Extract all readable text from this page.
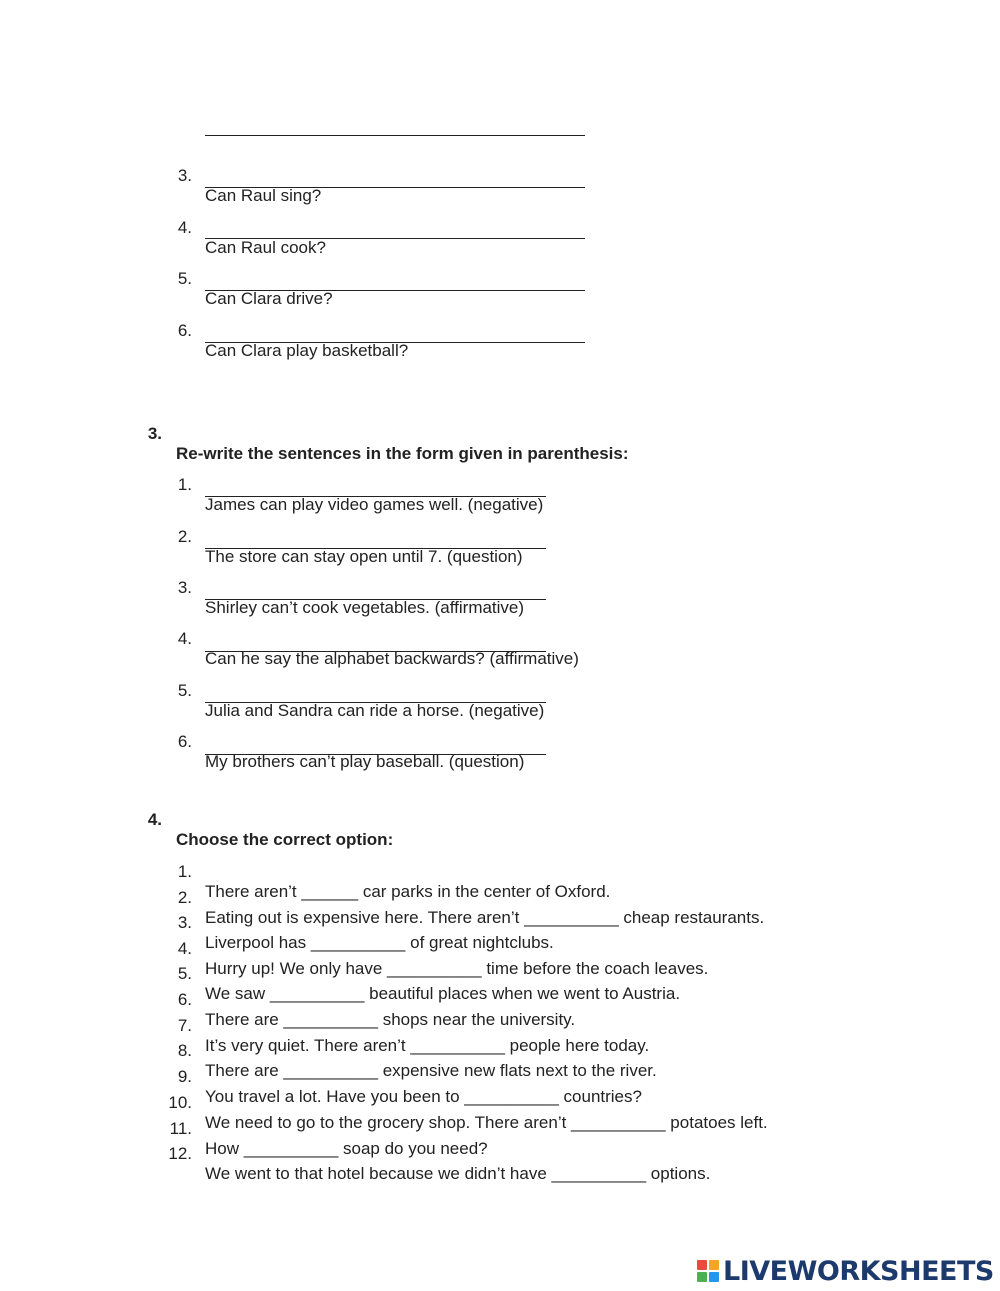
3.

Can Raul sing?

4.

Can Raul cook?

5.

Can Clara drive?

6.

Can Clara play basketball?

3.

Re-write the sentences in the form given in parenthesis:

1.

James can play video games well. (negative)

2.

The store can stay open until 7. (question)

3.

Shirley can’t cook vegetables. (affirmative)

4.

Can he say the alphabet backwards? (affirmative)

5.

Julia and Sandra can ride a horse. (negative)

6.

My brothers can’t play baseball. (question)

4.

Choose the correct option:

1.

There aren’t ______ car parks in the center of Oxford.

2.

Eating out is expensive here. There aren’t __________ cheap restaurants.

3.

Liverpool has __________ of great nightclubs.

4.

Hurry up! We only have __________ time before the coach leaves.

5.

We saw __________ beautiful places when we went to Austria.

6.

There are __________ shops near the university.

7.

It’s very quiet. There aren’t __________ people here today.

8.

There are __________ expensive new flats next to the river.

9.

You travel a lot. Have you been to __________ countries?

10.

We need to go to the grocery shop. There aren’t __________ potatoes left.

11.

How __________ soap do you need?

12.

We went to that hotel because we didn’t have __________ options.

LIVEWORKSHEETS
